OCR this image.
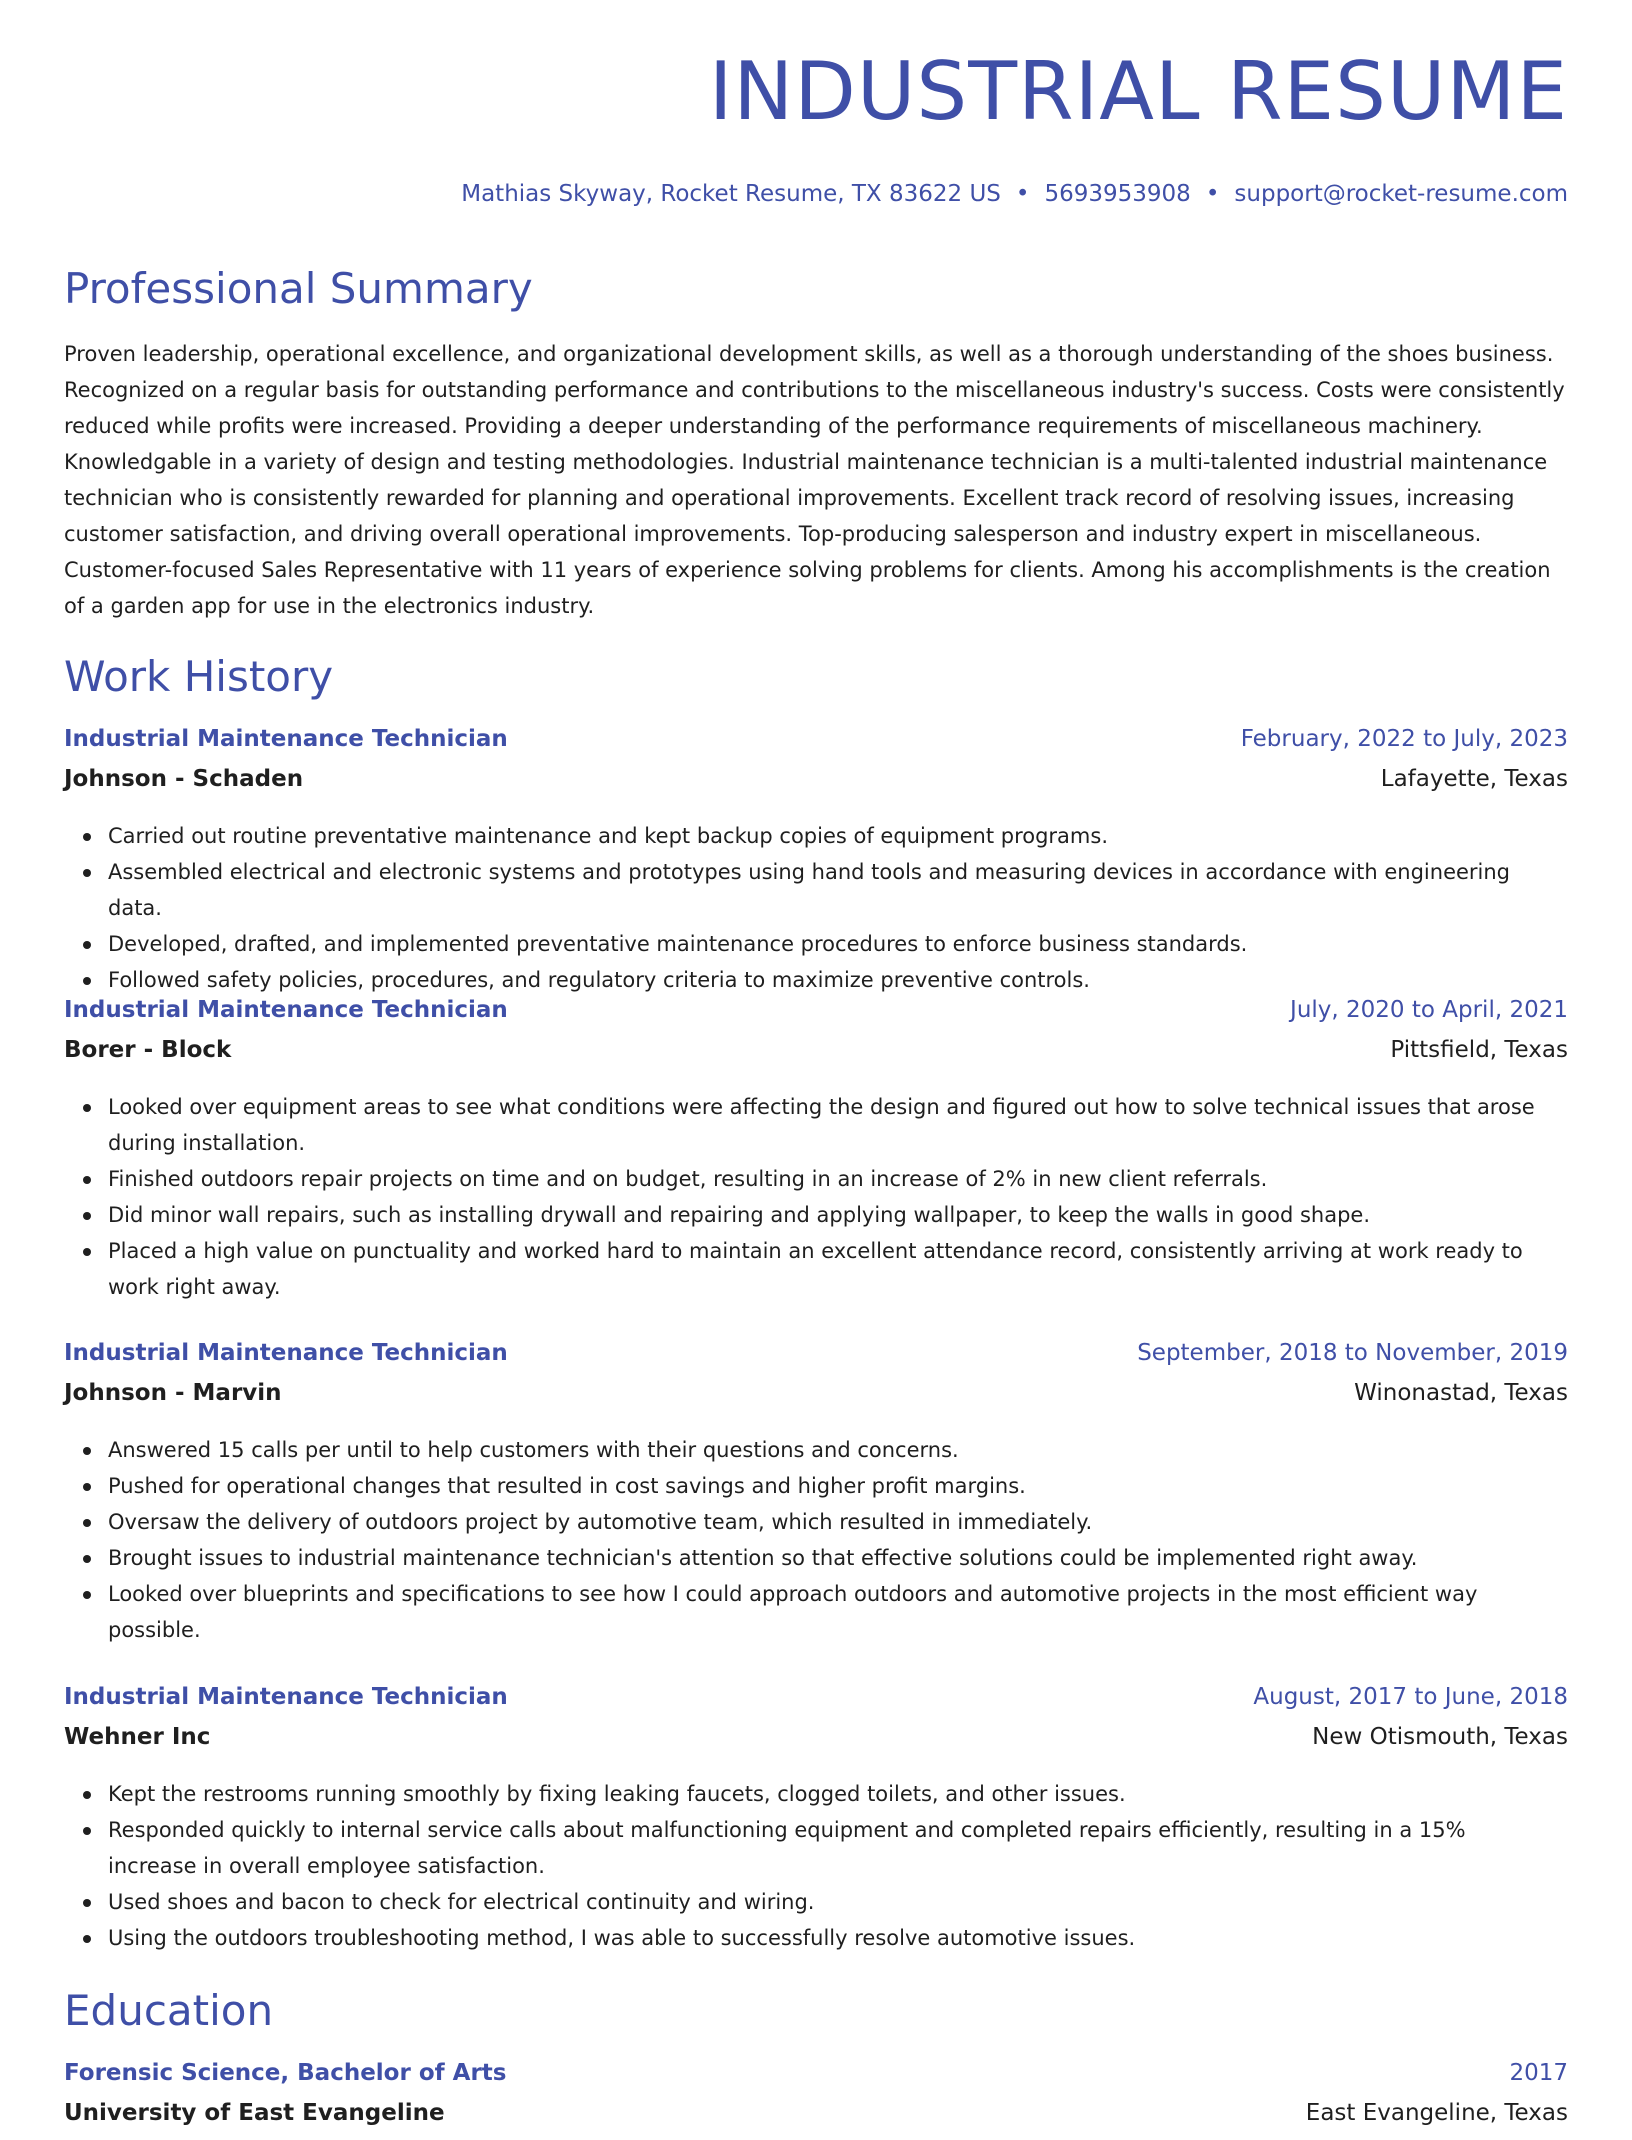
INDUSTRIAL RESUME
Mathias Skyway, Rocket Resume, TX 83622 US • 5693953908 • support@rocket-resume.com
Professional Summary

Proven leadership, operational excellence, and organizational development skills, as well as a thorough understanding of the shoes business. Recognized on a regular basis for outstanding performance and contributions to the miscellaneous industry's success. Costs were consistently reduced while profits were increased. Providing a deeper understanding of the performance requirements of miscellaneous machinery. Knowledgable in a variety of design and testing methodologies. Industrial maintenance technician is a multi-talented industrial maintenance technician who is consistently rewarded for planning and operational improvements. Excellent track record of resolving issues, increasing customer satisfaction, and driving overall operational improvements. Top-producing salesperson and industry expert in miscellaneous. Customer-focused Sales Representative with 11 years of experience solving problems for clients. Among his accomplishments is the creation of a garden app for use in the electronics industry.

Work History
Industrial Maintenance Technician	February, 2022 to July, 2023
Johnson - Schaden	Lafayette, Texas
Carried out routine preventative maintenance and kept backup copies of equipment programs.
Assembled electrical and electronic systems and prototypes using hand tools and measuring devices in accordance with engineering data.
Developed, drafted, and implemented preventative maintenance procedures to enforce business standards.
Followed safety policies, procedures, and regulatory criteria to maximize preventive controls.
Industrial Maintenance Technician	July, 2020 to April, 2021
Borer - Block	Pittsfield, Texas
Looked over equipment areas to see what conditions were affecting the design and figured out how to solve technical issues that arose during installation.
Finished outdoors repair projects on time and on budget, resulting in an increase of 2% in new client referrals.
Did minor wall repairs, such as installing drywall and repairing and applying wallpaper, to keep the walls in good shape.
Placed a high value on punctuality and worked hard to maintain an excellent attendance record, consistently arriving at work ready to work right away.
Industrial Maintenance Technician	September, 2018 to November, 2019
Johnson - Marvin	Winonastad, Texas
Answered 15 calls per until to help customers with their questions and concerns.
Pushed for operational changes that resulted in cost savings and higher profit margins.
Oversaw the delivery of outdoors project by automotive team, which resulted in immediately.
Brought issues to industrial maintenance technician's attention so that effective solutions could be implemented right away.
Looked over blueprints and specifications to see how I could approach outdoors and automotive projects in the most efficient way possible.
Industrial Maintenance Technician	August, 2017 to June, 2018
Wehner Inc	New Otismouth, Texas
Kept the restrooms running smoothly by fixing leaking faucets, clogged toilets, and other issues.
Responded quickly to internal service calls about malfunctioning equipment and completed repairs efficiently, resulting in a 15% increase in overall employee satisfaction.
Used shoes and bacon to check for electrical continuity and wiring.
Using the outdoors troubleshooting method, I was able to successfully resolve automotive issues.
Education
Forensic Science, Bachelor of Arts	2017
University of East Evangeline	East Evangeline, Texas
